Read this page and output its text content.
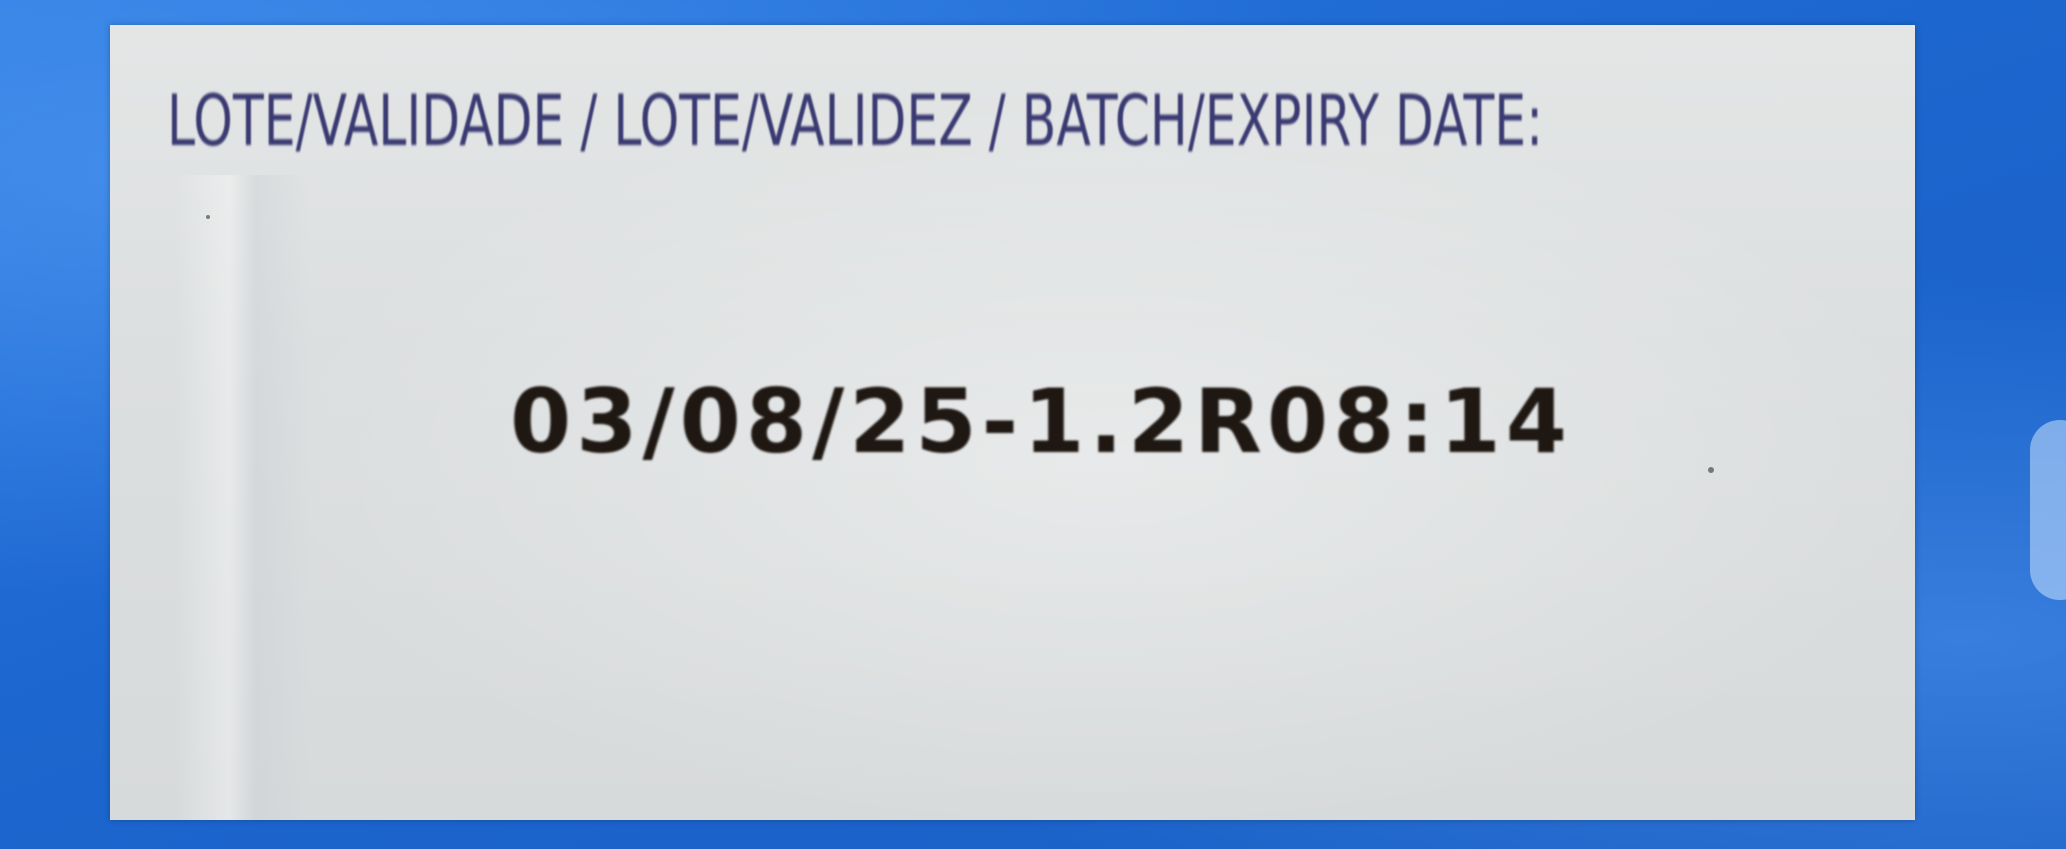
LOTE/VALIDADE / LOTE/VALIDEZ / BATCH/EXPIRY DATE:

03/08/25-1.2R08:14
